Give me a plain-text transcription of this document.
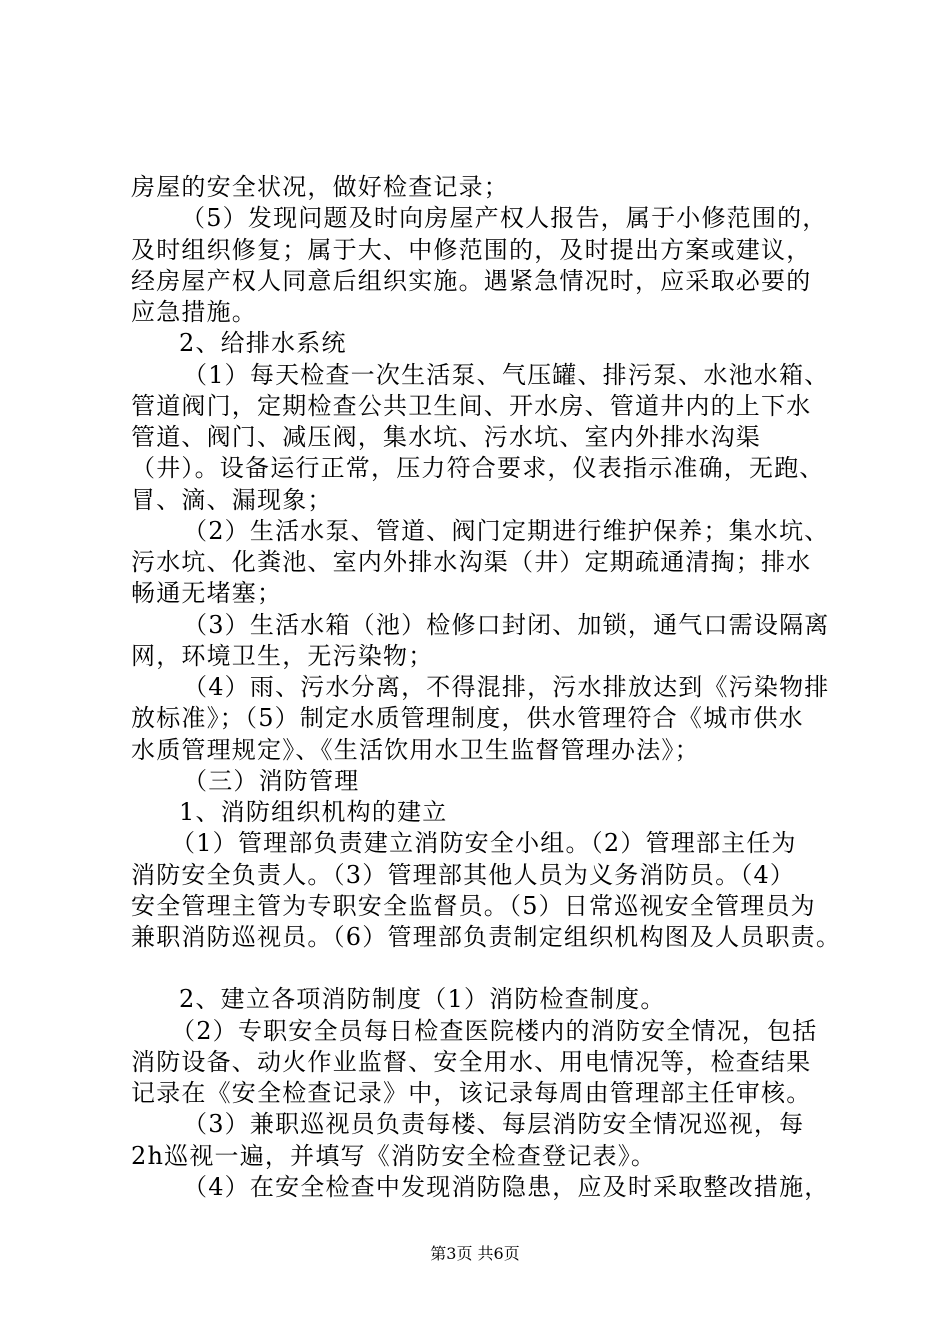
房屋的安全状况，做好检查记录；
（5）发现问题及时向房屋产权人报告，属于小修范围的，
及时组织修复；属于大、中修范围的，及时提出方案或建议，
经房屋产权人同意后组织实施。遇紧急情况时，应采取必要的
应急措施。
2、给排水系统
（1）每天检查一次生活泵、气压罐、排污泵、水池水箱、
管道阀门，定期检查公共卫生间、开水房、管道井内的上下水
管道、阀门、减压阀，集水坑、污水坑、室内外排水沟渠
（井）。设备运行正常，压力符合要求，仪表指示准确，无跑、
冒、滴、漏现象；
（2）生活水泵、管道、阀门定期进行维护保养；集水坑、
污水坑、化粪池、室内外排水沟渠（井）定期疏通清掏；排水
畅通无堵塞；
（3）生活水箱（池）检修口封闭、加锁，通气口需设隔离
网，环境卫生，无污染物；
（4）雨、污水分离，不得混排，污水排放达到《污染物排
放标准》；（5）制定水质管理制度，供水管理符合《城市供水
水质管理规定》、《生活饮用水卫生监督管理办法》；
（三）消防管理
1、消防组织机构的建立
（1）管理部负责建立消防安全小组。（2）管理部主任为
消防安全负责人。（3）管理部其他人员为义务消防员。（4）
安全管理主管为专职安全监督员。（5）日常巡视安全管理员为
兼职消防巡视员。（6）管理部负责制定组织机构图及人员职责。
2、建立各项消防制度（1）消防检查制度。
（2）专职安全员每日检查医院楼内的消防安全情况，包括
消防设备、动火作业监督、安全用水、用电情况等，检查结果
记录在《安全检查记录》中，该记录每周由管理部主任审核。
（3）兼职巡视员负责每楼、每层消防安全情况巡视，每
2h巡视一遍，并填写《消防安全检查登记表》。
（4）在安全检查中发现消防隐患，应及时采取整改措施，
第3页 共6页
